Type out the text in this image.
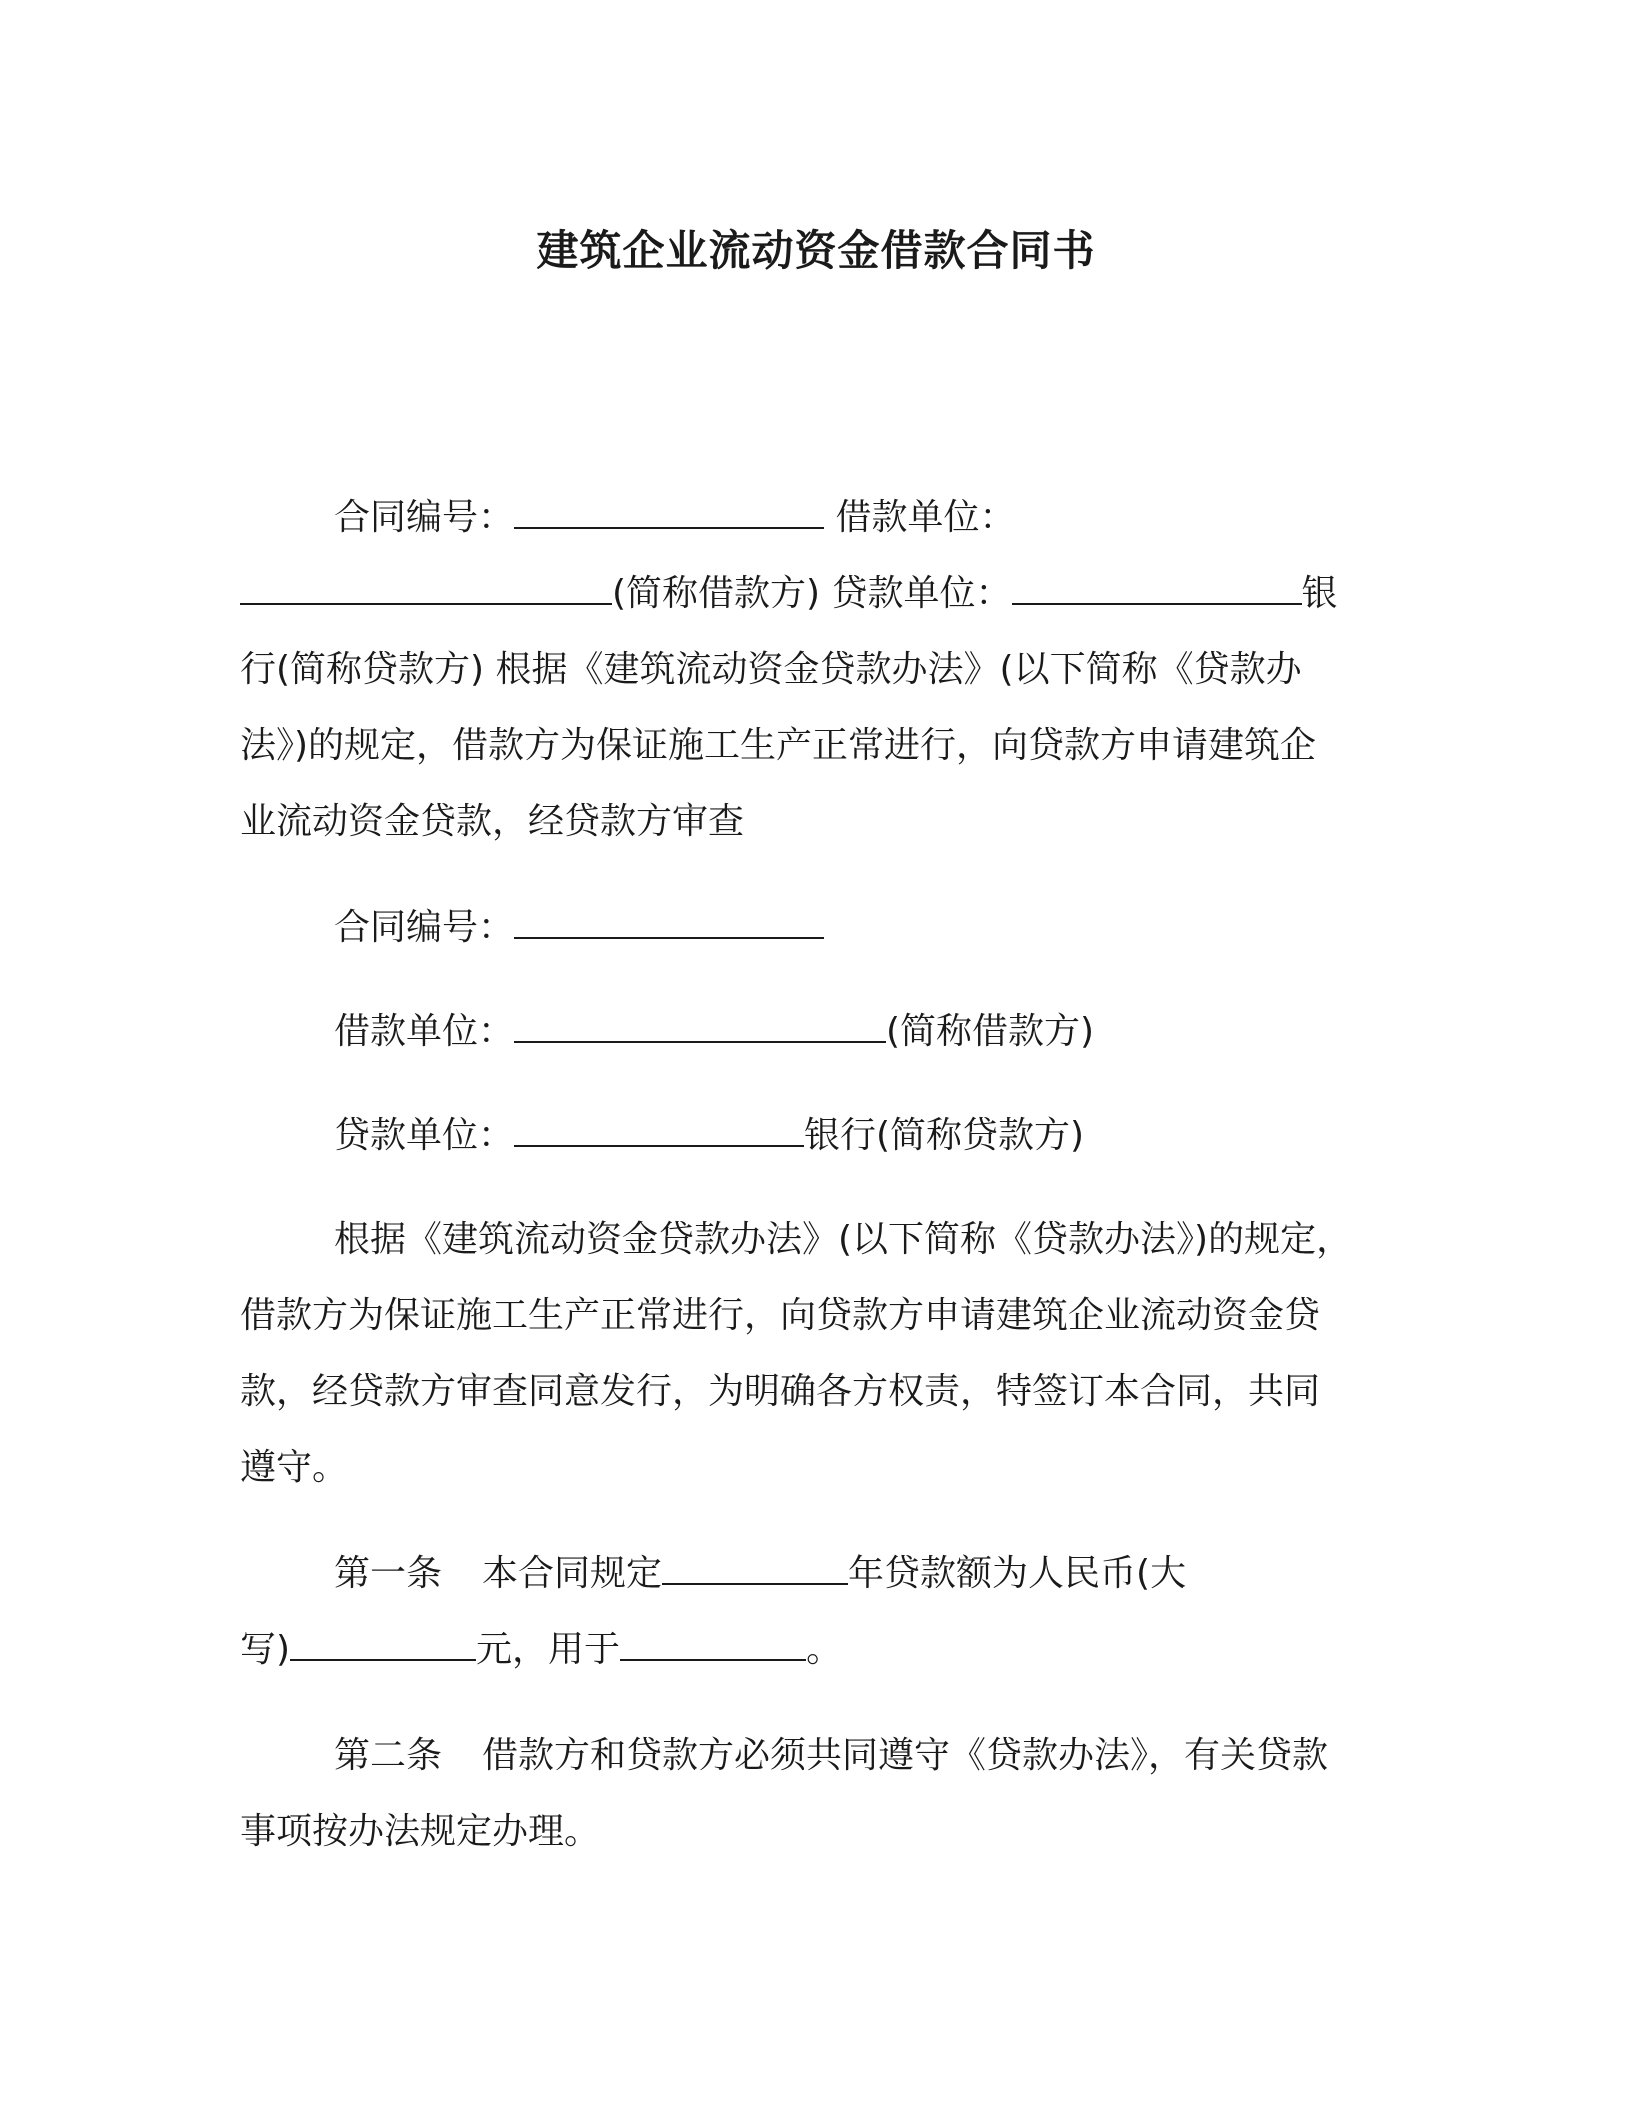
建筑企业流动资金借款合同书
合同编号：	借款单位：
(简称借款方) 贷款单位：	银
行(简称贷款方) 根据《建筑流动资金贷款办法》(以下简称《贷款办
法》)的规定，借款方为保证施工生产正常进行，向贷款方申请建筑企
业流动资金贷款，经贷款方审查
合同编号：
借款单位：	(简称借款方)
贷款单位：	银行(简称贷款方)
根据《建筑流动资金贷款办法》(以下简称《贷款办法》)的规定，
借款方为保证施工生产正常进行，向贷款方申请建筑企业流动资金贷
款，经贷款方审查同意发行，为明确各方权责，特签订本合同，共同
遵守。
第一条 本合同规定	年贷款额为人民币(大
写)	元，用于	。
第二条 借款方和贷款方必须共同遵守《贷款办法》，有关贷款
事项按办法规定办理。
